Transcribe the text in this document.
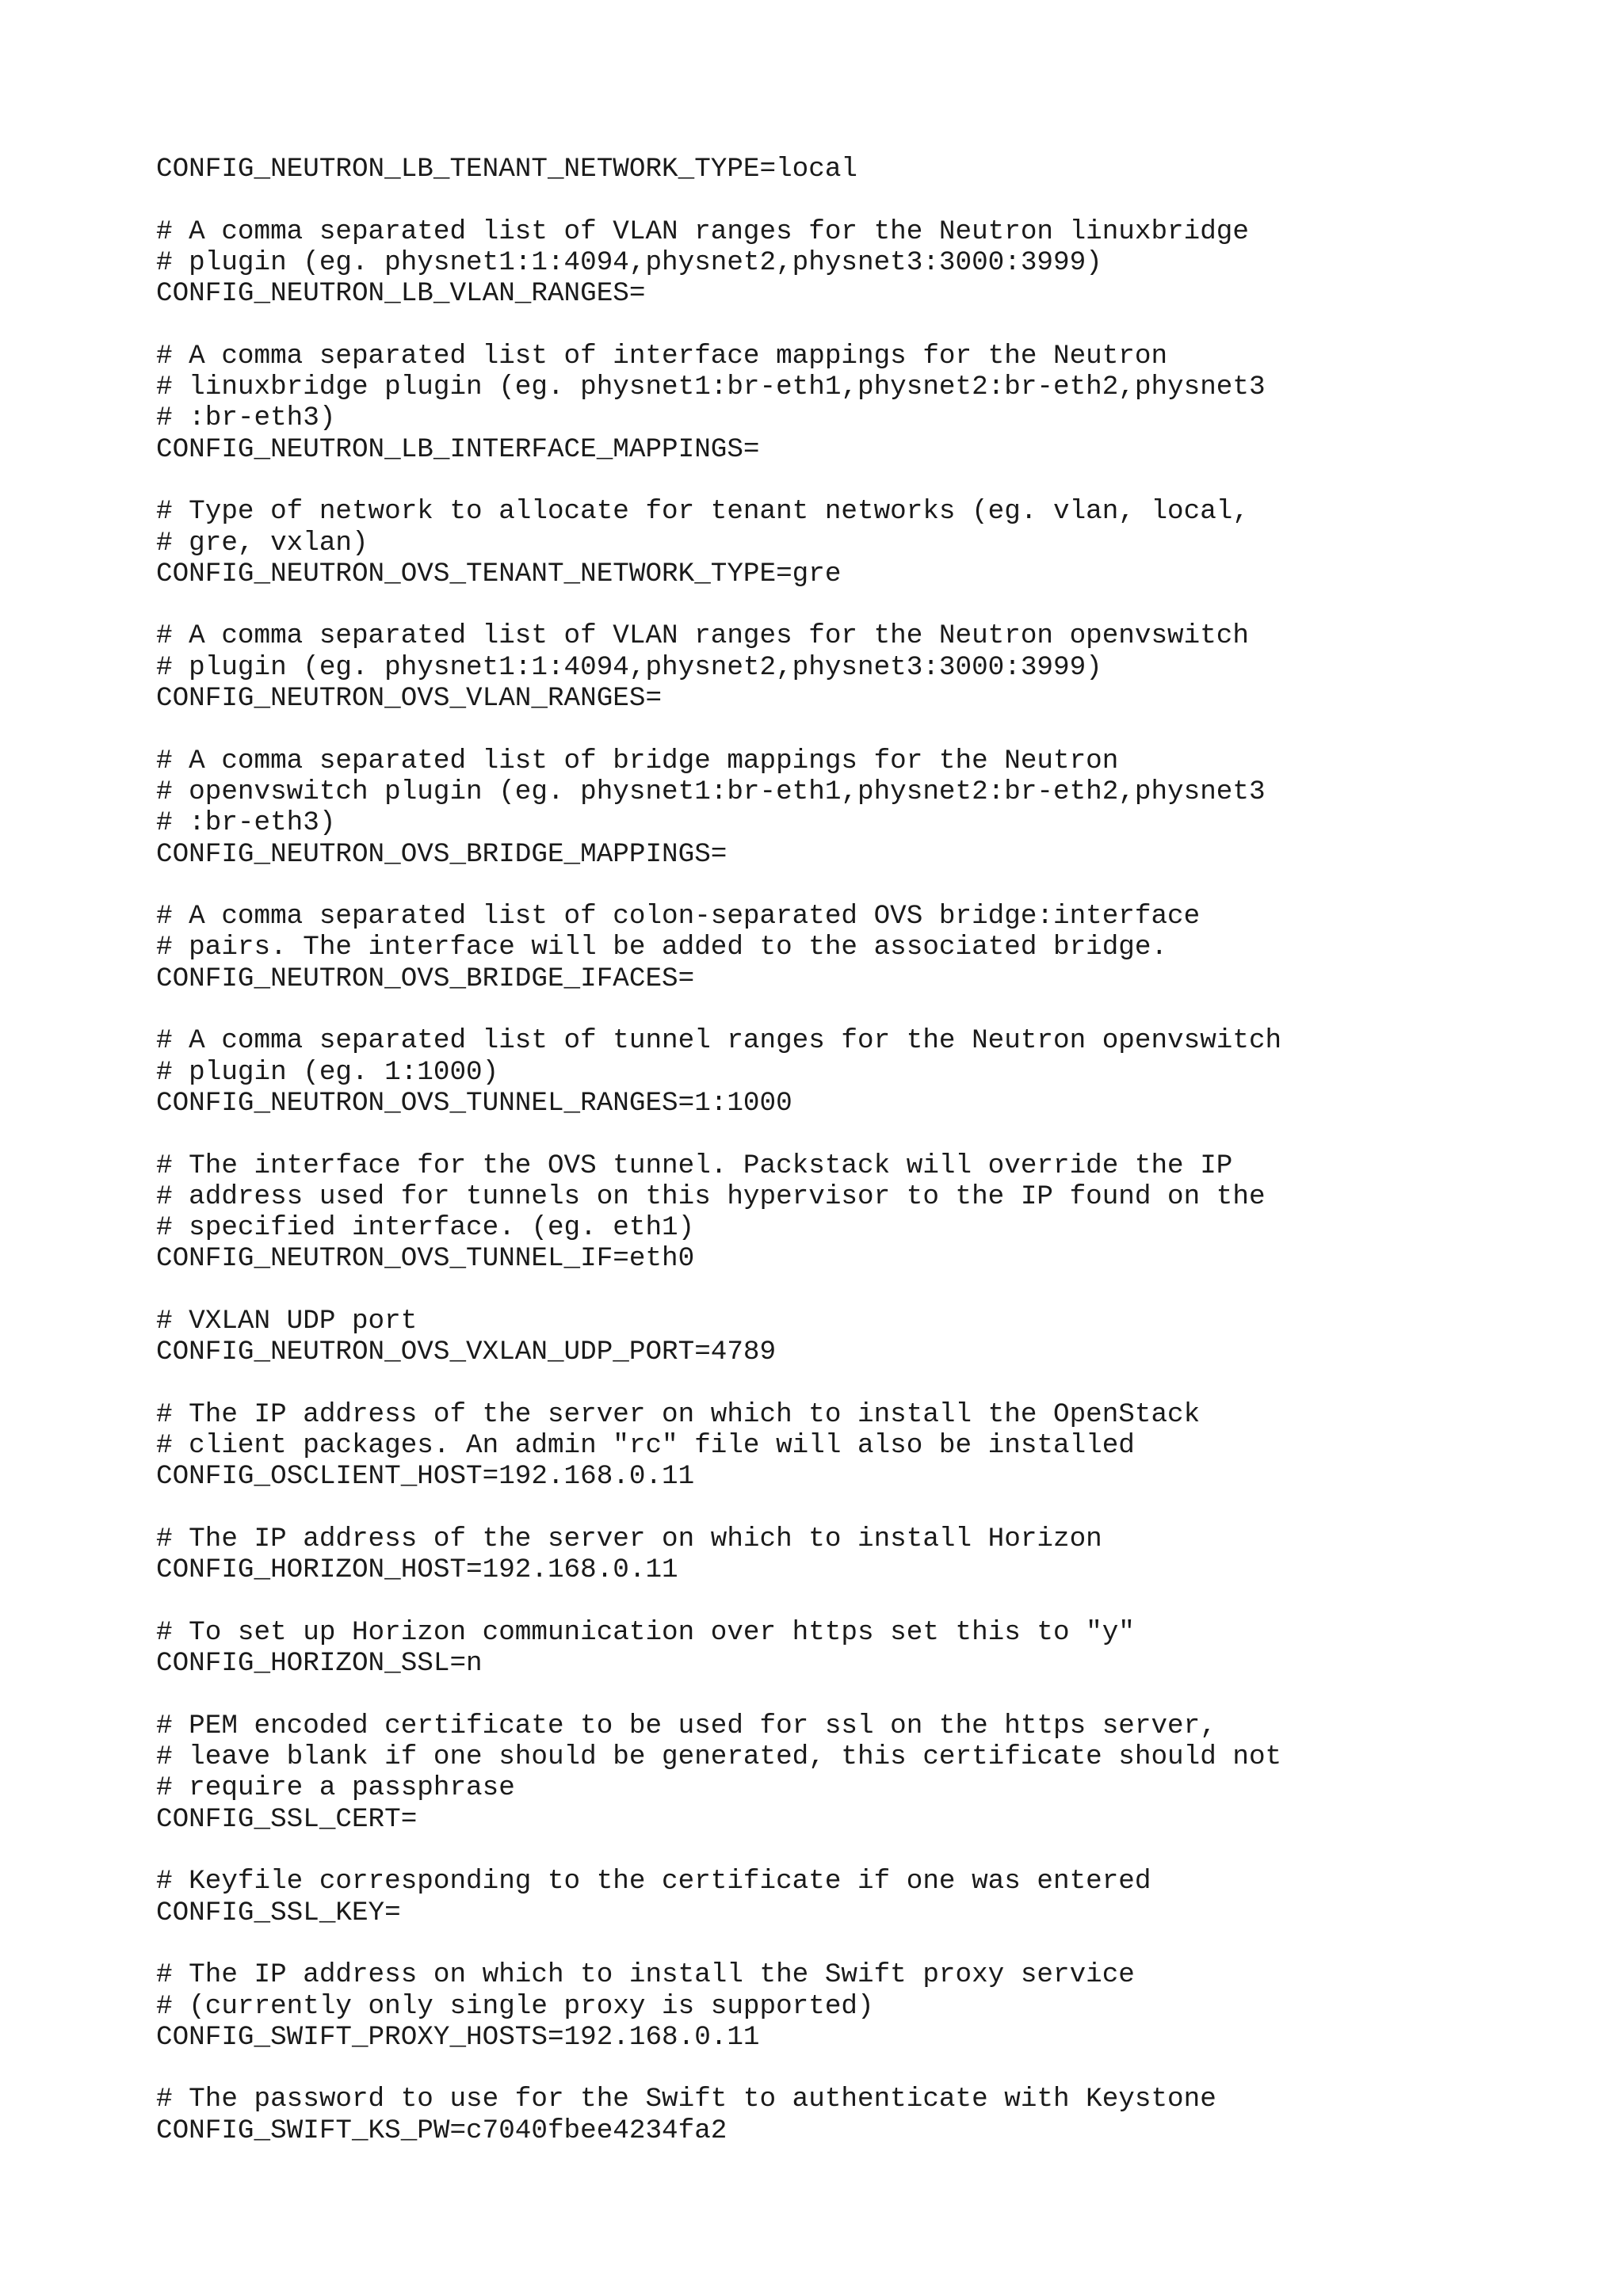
CONFIG_NEUTRON_LB_TENANT_NETWORK_TYPE=local
# A comma separated list of VLAN ranges for the Neutron linuxbridge
# plugin (eg. physnet1:1:4094,physnet2,physnet3:3000:3999)
CONFIG_NEUTRON_LB_VLAN_RANGES=
# A comma separated list of interface mappings for the Neutron
# linuxbridge plugin (eg. physnet1:br-eth1,physnet2:br-eth2,physnet3
# :br-eth3)
CONFIG_NEUTRON_LB_INTERFACE_MAPPINGS=
# Type of network to allocate for tenant networks (eg. vlan, local,
# gre, vxlan)
CONFIG_NEUTRON_OVS_TENANT_NETWORK_TYPE=gre
# A comma separated list of VLAN ranges for the Neutron openvswitch
# plugin (eg. physnet1:1:4094,physnet2,physnet3:3000:3999)
CONFIG_NEUTRON_OVS_VLAN_RANGES=
# A comma separated list of bridge mappings for the Neutron
# openvswitch plugin (eg. physnet1:br-eth1,physnet2:br-eth2,physnet3
# :br-eth3)
CONFIG_NEUTRON_OVS_BRIDGE_MAPPINGS=
# A comma separated list of colon-separated OVS bridge:interface
# pairs. The interface will be added to the associated bridge.
CONFIG_NEUTRON_OVS_BRIDGE_IFACES=
# A comma separated list of tunnel ranges for the Neutron openvswitch
# plugin (eg. 1:1000)
CONFIG_NEUTRON_OVS_TUNNEL_RANGES=1:1000
# The interface for the OVS tunnel. Packstack will override the IP
# address used for tunnels on this hypervisor to the IP found on the
# specified interface. (eg. eth1)
CONFIG_NEUTRON_OVS_TUNNEL_IF=eth0
# VXLAN UDP port
CONFIG_NEUTRON_OVS_VXLAN_UDP_PORT=4789
# The IP address of the server on which to install the OpenStack
# client packages. An admin "rc" file will also be installed
CONFIG_OSCLIENT_HOST=192.168.0.11
# The IP address of the server on which to install Horizon
CONFIG_HORIZON_HOST=192.168.0.11
# To set up Horizon communication over https set this to "y"
CONFIG_HORIZON_SSL=n
# PEM encoded certificate to be used for ssl on the https server,
# leave blank if one should be generated, this certificate should not
# require a passphrase
CONFIG_SSL_CERT=
# Keyfile corresponding to the certificate if one was entered
CONFIG_SSL_KEY=
# The IP address on which to install the Swift proxy service
# (currently only single proxy is supported)
CONFIG_SWIFT_PROXY_HOSTS=192.168.0.11
# The password to use for the Swift to authenticate with Keystone
CONFIG_SWIFT_KS_PW=c7040fbee4234fa2
